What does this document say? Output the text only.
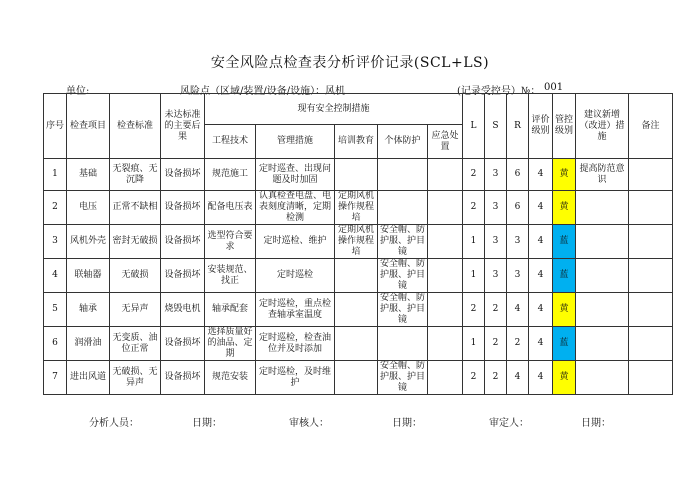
安全风险点检查表分析评价记录(SCL+LS)
单位:	风险点（区域/装置/设备/设施）：风机	(记录受控号）№： 001
序号	检查项目	检查标准	未达标准的主要后果	现有安全控制措施					L	S	R	评价级别	管控级别	建议新增（改进）措施	备注
				工程技术	管理措施	培训教育	个体防护	应急处置							
1	基础	无裂痕、无沉降	设备损坏	规范施工	定时巡查、出现问题及时加固				2	3	6	4	黄	提高防范意识	
2	电压	正常不缺相	设备损坏	配备电压表	认真检查电盘、电表刻度清晰，定期检测	定期风机操作规程培			2	3	6	4	黄		
3	风机外壳	密封无破损	设备损坏	选型符合要求	定时巡检、维护	定期风机操作规程培	安全帽、防护服、护目镜		1	3	3	4	蓝		
4	联轴器	无破损	设备损坏	安装规范、找正	定时巡检		安全帽、防护服、护目镜		1	3	3	4	蓝		
5	轴承	无异声	烧毁电机	轴承配套	定时巡检，重点检查轴承室温度		安全帽、防护服、护目镜		2	2	4	4	黄		
6	润滑油	无变质、油位正常	设备损坏	选择质量好的油品、定期	定时巡检，检查油位并及时添加				1	2	2	4	蓝		
7	进出风道	无破损、无异声	设备损坏	规范安装	定时巡检，及时维护		安全帽、防护服、护目镜		2	2	4	4	黄		
分析人员：	日期：	审核人：	日期：	审定人：	日期：
